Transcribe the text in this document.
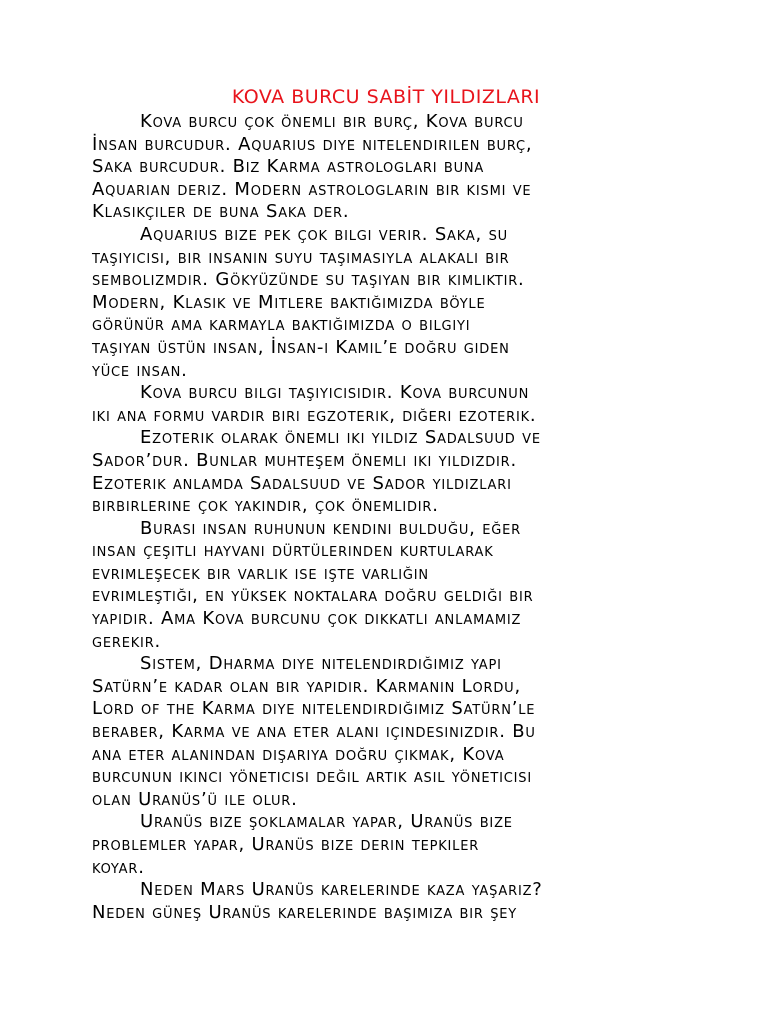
KOVA BURCU SABİT YILDIZLARI
Kova burcu çok önemli bir burç, Kova burcu
İnsan burcudur. Aquarius diye nitelendirilen burç,
Saka burcudur. Biz Karma astrologlari buna
Aquarian deriz. Modern astrologlarin bir kismi ve
Klasikçiler de buna Saka der.
Aquarius bize pek çok bilgi verir. Saka, su
taşıyıcısı, bir insanin suyu taşımasıyla alakali bir
sembolizmdir. Gökyüzünde su taşıyan bir kimliktir.
Modern, Klasik ve Mitlere baktiğımızda böyle
görünür ama karmayla baktiğımızda o bilgiyi
taşıyan üstün insan, İnsan-ı Kamil’e doğru giden
yüce insan.
Kova burcu bilgi taşıyıcısıdır. Kova burcunun
iki ana formu vardır biri egzoterik, diğeri ezoterik.
Ezoterik olarak önemli iki yıldız Sadalsuud ve
Sador’dur. Bunlar muhteşem önemli iki yıldızdır.
Ezoterik anlamda Sadalsuud ve Sador yıldızları
birbirlerine çok yakındır, çok önemlidir.
Burası insan ruhunun kendini bulduğu, eğer
insan çeşitli hayvani dürtülerinden kurtularak
evrimleşecek bir varlık ise işte varlığın
evrimleştiği, en yüksek noktalara doğru geldiği bir
yapıdır. Ama Kova burcunu çok dikkatli anlamamız
gerekir.
Sistem, Dharma diye nitelendirdiğimiz yapı
Satürn’e kadar olan bir yapıdır. Karmanın Lordu,
Lord of the Karma diye nitelendirdiğimiz Satürn’le
beraber, Karma ve ana eter alanı içindesinizdir. Bu
ana eter alanından dışarıya doğru çıkmak, Kova
burcunun ikinci yöneticisi değil artık asıl yöneticisi
olan Uranüs’ü ile olur.
Uranüs bize şoklamalar yapar, Uranüs bize
problemler yapar, Uranüs bize derin tepkiler
koyar.
Neden Mars Uranüs karelerinde kaza yaşarız?
Neden güneş Uranüs karelerinde başımıza bir şey
